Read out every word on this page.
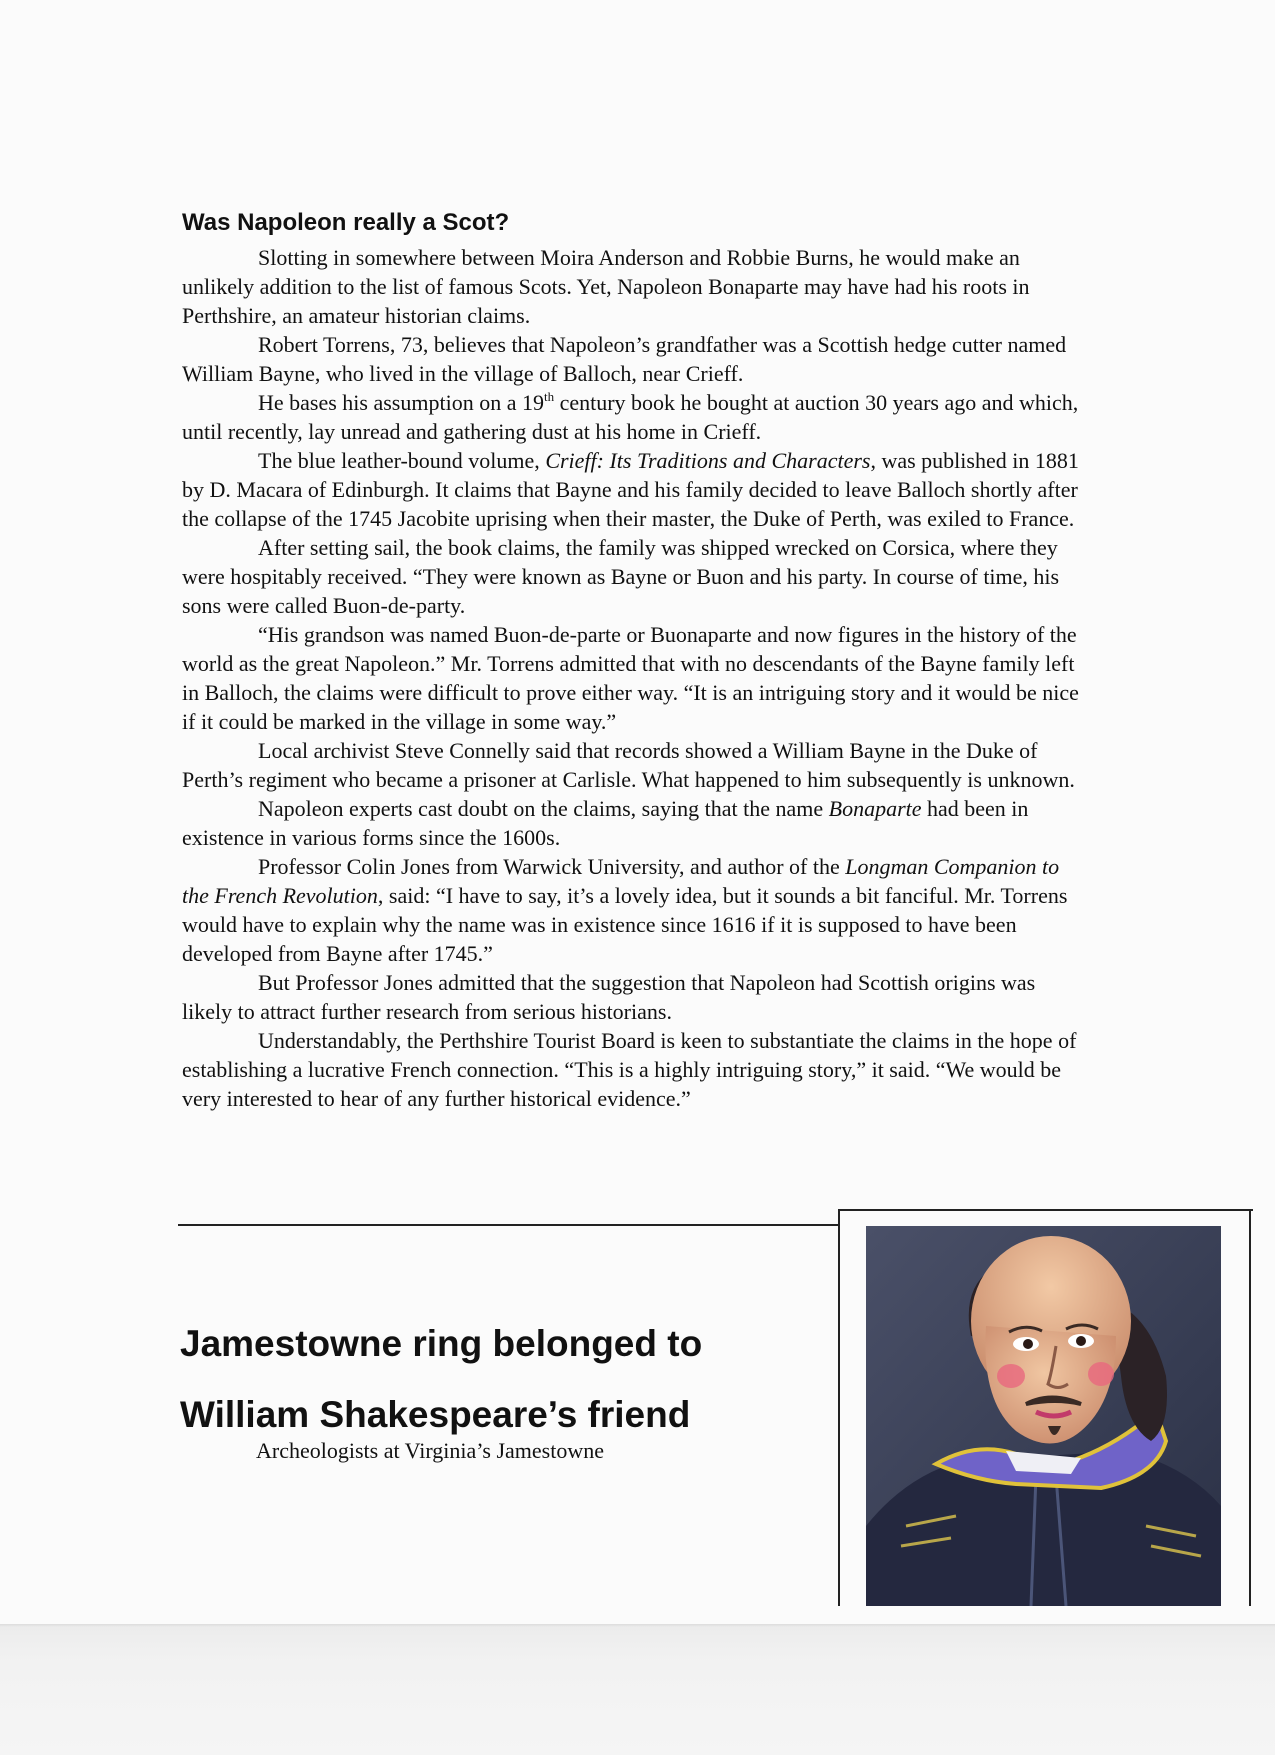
Was Napoleon really a Scot?

Slotting in somewhere between Moira Anderson and Robbie Burns, he would make an unlikely addition to the list of famous Scots. Yet, Napoleon Bonaparte may have had his roots in Perthshire, an amateur historian claims.

Robert Torrens, 73, believes that Napoleon’s grandfather was a Scottish hedge cutter named William Bayne, who lived in the village of Balloch, near Crieff.

He bases his assumption on a 19th century book he bought at auction 30 years ago and which, until recently, lay unread and gathering dust at his home in Crieff.

The blue leather-bound volume, Crieff: Its Traditions and Characters, was published in 1881 by D. Macara of Edinburgh. It claims that Bayne and his family decided to leave Balloch shortly after the collapse of the 1745 Jacobite uprising when their master, the Duke of Perth, was exiled to France.

After setting sail, the book claims, the family was shipped wrecked on Corsica, where they were hospitably received. “They were known as Bayne or Buon and his party. In course of time, his sons were called Buon-de-party.

“His grandson was named Buon-de-parte or Buonaparte and now figures in the history of the world as the great Napoleon.” Mr. Torrens admitted that with no descendants of the Bayne family left in Balloch, the claims were difficult to prove either way. “It is an intriguing story and it would be nice if it could be marked in the village in some way.”

Local archivist Steve Connelly said that records showed a William Bayne in the Duke of Perth’s regiment who became a prisoner at Carlisle. What happened to him subsequently is unknown.

Napoleon experts cast doubt on the claims, saying that the name Bonaparte had been in existence in various forms since the 1600s.

Professor Colin Jones from Warwick University, and author of the Longman Companion to the French Revolution, said: “I have to say, it’s a lovely idea, but it sounds a bit fanciful. Mr. Torrens would have to explain why the name was in existence since 1616 if it is supposed to have been developed from Bayne after 1745.”

But Professor Jones admitted that the suggestion that Napoleon had Scottish origins was likely to attract further research from serious historians.

Understandably, the Perthshire Tourist Board is keen to substantiate the claims in the hope of establishing a lucrative French connection. “This is a highly intriguing story,” it said. “We would be very interested to hear of any further historical evidence.”

Jamestowne ring belonged to
William Shakespeare’s friend
Archeologists at Virginia’s Jamestowne
